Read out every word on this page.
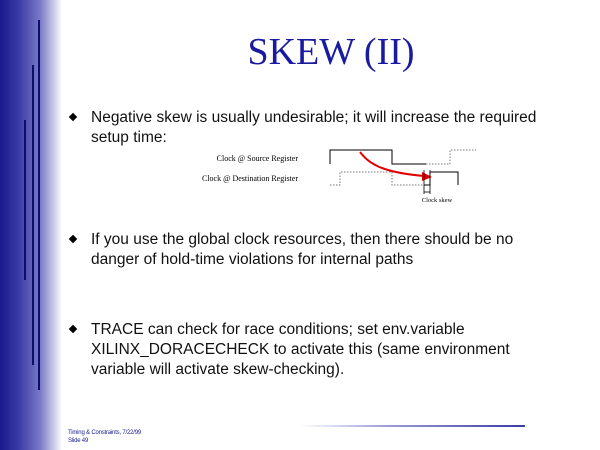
SKEW (II)
Negative skew is usually undesirable; it will increase the required setup time:
Clock @ Source Register
Clock @ Destination Register
Clock skew
If you use the global clock resources, then there should be no danger of hold-time violations for internal paths
TRACE can check for race conditions; set env.variable XILINX_DORACECHECK to activate this (same environment variable will activate skew-checking).
Timing & Constraints, 7/22/99
Slide 49
